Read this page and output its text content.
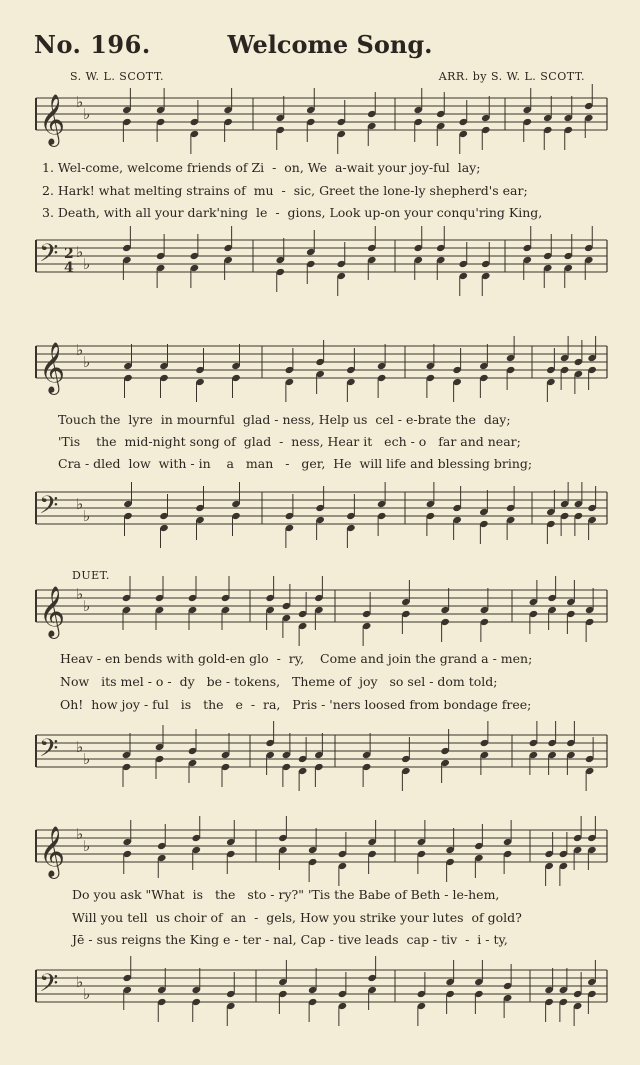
No. 196.	Welcome Song.
S. W. L. SCOTT.	ARR. by S. W. L. SCOTT.
𝄞 ♭
♭
𝄢 ♭
♭
𝄞 ♭
♭
𝄢 ♭
♭
𝄞 ♭
♭
𝄢 ♭
♭
𝄞 ♭
♭
𝄢 ♭
♭
4
2
1. Wel-come, welcome friends of Zi  -  on, We  a-wait your joy-ful  lay;
2. Hark! what melting strains of  mu  -  sic, Greet the lone-ly shepherd's ear;
3. Death, with all your dark'ning  le  -  gions, Look up-on your conqu'ring King,
Touch the  lyre  in mournful  glad - ness, Help us  cel - e-brate the  day;
'Tis    the  mid-night song of  glad  -  ness, Hear it   ech - o   far and near;
Cra - dled  low  with - in    a   man   -   ger,  He  will life and blessing bring;
DUET.
Heav - en bends with gold-en glo  -  ry,    Come and join the grand a - men;
Now   its mel - o -  dy   be - tokens,   Theme of  joy   so sel - dom told;
Oh!  how joy - ful   is   the   e  -  ra,   Pris - 'ners loosed from bondage free;
Do you ask "What  is   the   sto - ry?" 'Tis the Babe of Beth - le-hem,
Will you tell  us choir of  an  -  gels, How you strike your lutes  of gold?
Jē - sus reigns the King e - ter - nal, Cap - tive leads  cap - tiv  -  i - ty,
